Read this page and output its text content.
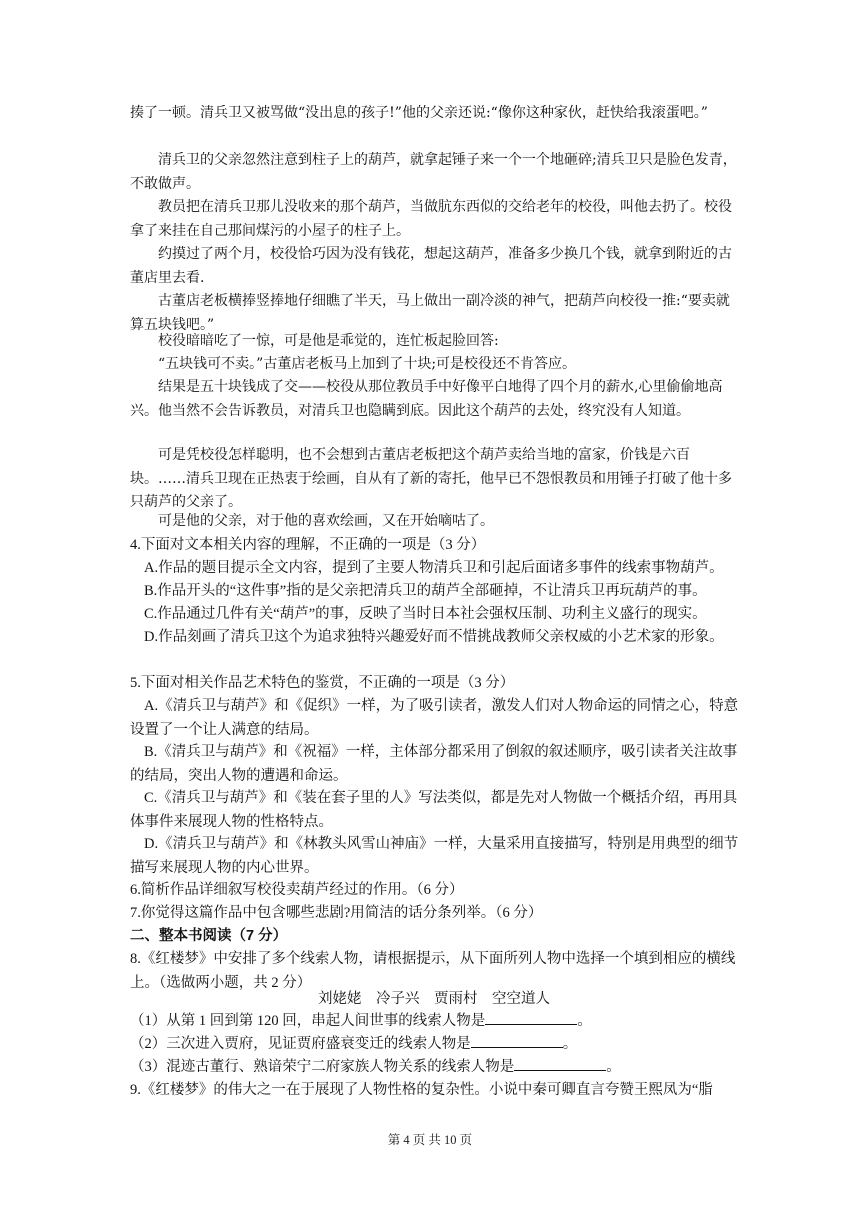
揍了一顿。清兵卫又被骂做“没出息的孩子!”他的父亲还说:“像你这种家伙，赶快给我滚蛋吧。”
清兵卫的父亲忽然注意到柱子上的葫芦，就拿起锤子来一个一个地砸碎;清兵卫只是脸色发青，不敢做声。
教员把在清兵卫那儿没收来的那个葫芦，当做肮东西似的交给老年的校役，叫他去扔了。校役拿了来挂在自己那间煤污的小屋子的柱子上。
约摸过了两个月，校役恰巧因为没有钱花，想起这葫芦，准备多少换几个钱，就拿到附近的古董店里去看.
古董店老板横捧竖捧地仔细瞧了半天，马上做出一副冷淡的神气，把葫芦向校役一推:“要卖就算五块钱吧。”
校役暗暗吃了一惊，可是他是乖觉的，连忙板起脸回答:
“五块钱可不卖。”古董店老板马上加到了十块;可是校役还不肯答应。
结果是五十块钱成了交——校役从那位教员手中好像平白地得了四个月的薪水,心里偷偷地高兴。他当然不会告诉教员，对清兵卫也隐瞒到底。因此这个葫芦的去处，终究没有人知道。
可是凭校役怎样聪明，也不会想到古董店老板把这个葫芦卖给当地的富家，价钱是六百块。……清兵卫现在正热衷于绘画，自从有了新的寄托，他早已不怨恨教员和用锤子打破了他十多只葫芦的父亲了。
可是他的父亲，对于他的喜欢绘画，又在开始嘀咕了。
4.下面对文本相关内容的理解，不正确的一项是（3 分）
A.作品的题目提示全文内容，提到了主要人物清兵卫和引起后面诸多事件的线索事物葫芦。
B.作品开头的“这件事”指的是父亲把清兵卫的葫芦全部砸掉，不让清兵卫再玩葫芦的事。
C.作品通过几件有关“葫芦”的事，反映了当时日本社会强权压制、功利主义盛行的现实。
D.作品刻画了清兵卫这个为追求独特兴趣爱好而不惜挑战教师父亲权威的小艺术家的形象。
5.下面对相关作品艺术特色的鉴赏，不正确的一项是（3 分）
A.《清兵卫与葫芦》和《促织》一样，为了吸引读者，激发人们对人物命运的同情之心，特意设置了一个让人满意的结局。
B.《清兵卫与葫芦》和《祝福》一样，主体部分都采用了倒叙的叙述顺序，吸引读者关注故事的结局，突出人物的遭遇和命运。
C.《清兵卫与葫芦》和《装在套子里的人》写法类似，都是先对人物做一个概括介绍，再用具体事件来展现人物的性格特点。
D.《清兵卫与葫芦》和《林教头风雪山神庙》一样，大量采用直接描写，特别是用典型的细节描写来展现人物的内心世界。
6.简析作品详细叙写校役卖葫芦经过的作用。（6 分）
7.你觉得这篇作品中包含哪些悲剧?用简洁的话分条列举。（6 分）
二、整本书阅读（7 分）
8.《红楼梦》中安排了多个线索人物，请根据提示，从下面所列人物中选择一个填到相应的横线上。（选做两小题，共 2 分）
刘姥姥　冷子兴　贾雨村　空空道人
（1）从第 1 回到第 120 回，串起人间世事的线索人物是	。
（2）三次进入贾府，见证贾府盛衰变迁的线索人物是	。
（3）混迹古董行、熟谙荣宁二府家族人物关系的线索人物是	。
9.《红楼梦》的伟大之一在于展现了人物性格的复杂性。小说中秦可卿直言夸赞王熙凤为“脂
第 4 页 共 10 页
